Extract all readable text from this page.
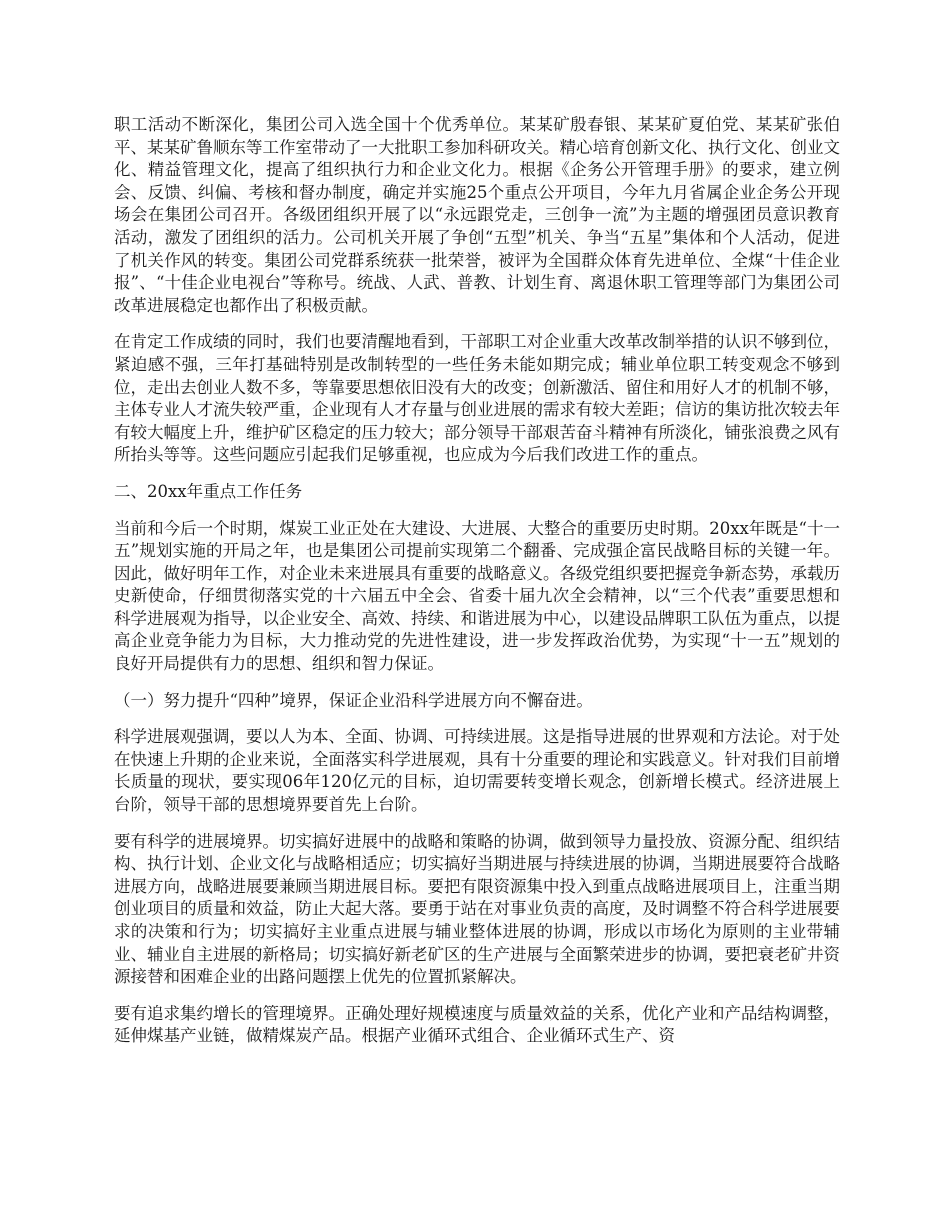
职工活动不断深化，集团公司入选全国十个优秀单位。某某矿殷春银、某某矿夏伯党、某某矿张伯平、某某矿鲁顺东等工作室带动了一大批职工参加科研攻关。精心培育创新文化、执行文化、创业文化、精益管理文化，提高了组织执行力和企业文化力。根据《企务公开管理手册》的要求，建立例会、反馈、纠偏、考核和督办制度，确定并实施25个重点公开项目，今年九月省属企业企务公开现场会在集团公司召开。各级团组织开展了以“永远跟党走，三创争一流”为主题的增强团员意识教育活动，激发了团组织的活力。公司机关开展了争创“五型”机关、争当“五星”集体和个人活动，促进了机关作风的转变。集团公司党群系统获一批荣誉，被评为全国群众体育先进单位、全煤“十佳企业报”、“十佳企业电视台”等称号。统战、人武、普教、计划生育、离退休职工管理等部门为集团公司改革进展稳定也都作出了积极贡献。

在肯定工作成绩的同时，我们也要清醒地看到，干部职工对企业重大改革改制举措的认识不够到位，紧迫感不强，三年打基础特别是改制转型的一些任务未能如期完成；辅业单位职工转变观念不够到位，走出去创业人数不多，等靠要思想依旧没有大的改变；创新激活、留住和用好人才的机制不够，主体专业人才流失较严重，企业现有人才存量与创业进展的需求有较大差距；信访的集访批次较去年有较大幅度上升，维护矿区稳定的压力较大；部分领导干部艰苦奋斗精神有所淡化，铺张浪费之风有所抬头等等。这些问题应引起我们足够重视，也应成为今后我们改进工作的重点。

二、20xx年重点工作任务

当前和今后一个时期，煤炭工业正处在大建设、大进展、大整合的重要历史时期。20xx年既是“十一五”规划实施的开局之年，也是集团公司提前实现第二个翻番、完成强企富民战略目标的关键一年。因此，做好明年工作，对企业未来进展具有重要的战略意义。各级党组织要把握竞争新态势，承载历史新使命，仔细贯彻落实党的十六届五中全会、省委十届九次全会精神，以“三个代表”重要思想和科学进展观为指导，以企业安全、高效、持续、和谐进展为中心，以建设品牌职工队伍为重点，以提高企业竞争能力为目标，大力推动党的先进性建设，进一步发挥政治优势，为实现“十一五”规划的良好开局提供有力的思想、组织和智力保证。

（一）努力提升“四种”境界，保证企业沿科学进展方向不懈奋进。

科学进展观强调，要以人为本、全面、协调、可持续进展。这是指导进展的世界观和方法论。对于处在快速上升期的企业来说，全面落实科学进展观，具有十分重要的理论和实践意义。针对我们目前增长质量的现状，要实现06年120亿元的目标，迫切需要转变增长观念，创新增长模式。经济进展上台阶，领导干部的思想境界要首先上台阶。

要有科学的进展境界。切实搞好进展中的战略和策略的协调，做到领导力量投放、资源分配、组织结构、执行计划、企业文化与战略相适应；切实搞好当期进展与持续进展的协调，当期进展要符合战略进展方向，战略进展要兼顾当期进展目标。要把有限资源集中投入到重点战略进展项目上，注重当期创业项目的质量和效益，防止大起大落。要勇于站在对事业负责的高度，及时调整不符合科学进展要求的决策和行为；切实搞好主业重点进展与辅业整体进展的协调，形成以市场化为原则的主业带辅业、辅业自主进展的新格局；切实搞好新老矿区的生产进展与全面繁荣进步的协调，要把衰老矿井资源接替和困难企业的出路问题摆上优先的位置抓紧解决。

要有追求集约增长的管理境界。正确处理好规模速度与质量效益的关系，优化产业和产品结构调整，延伸煤基产业链，做精煤炭产品。根据产业循环式组合、企业循环式生产、资
